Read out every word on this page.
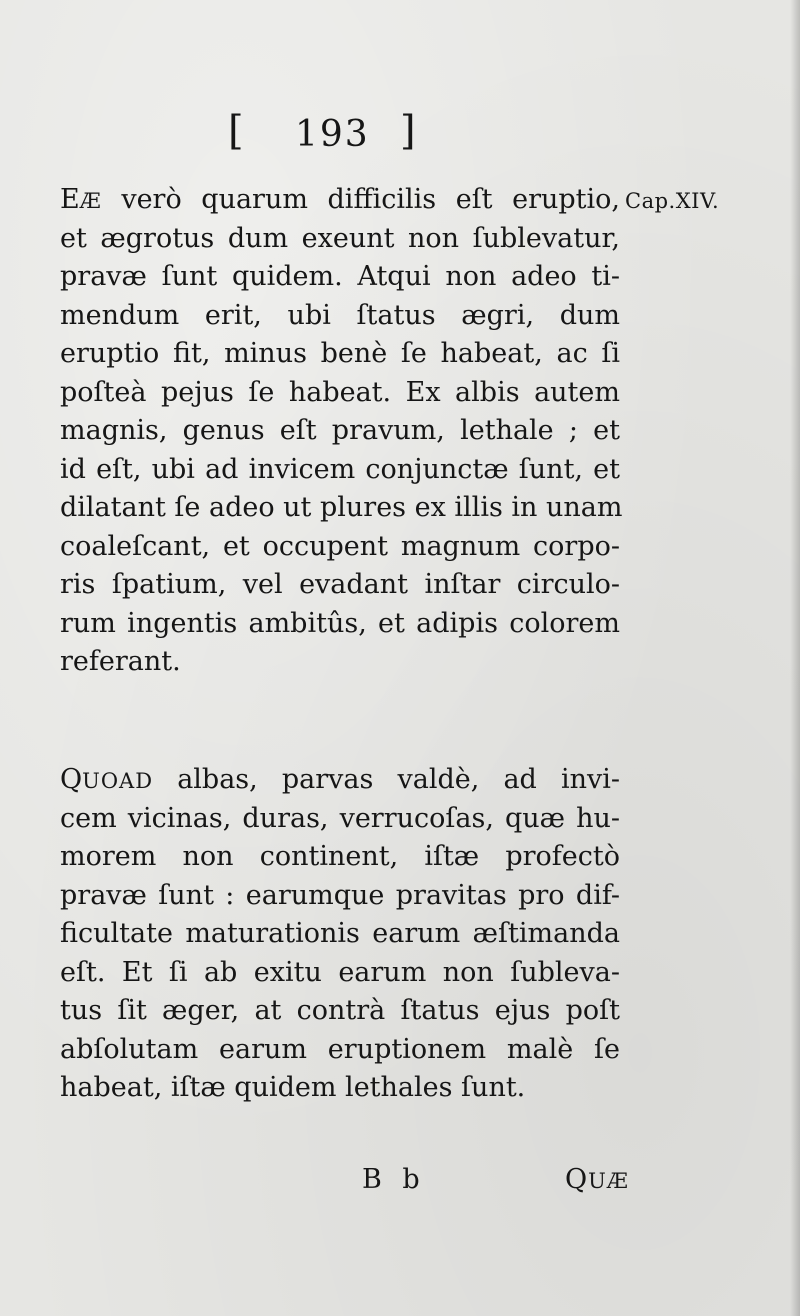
[ 193 ]
Cap.XIV.
EÆ verò quarum difficilis eſt eruptio,
et ægrotus dum exeunt non ſublevatur,
pravæ ſunt quidem. Atqui non adeo ti-
mendum erit, ubi ſtatus ægri, dum
eruptio fit, minus benè ſe habeat, ac ſi
poſteà pejus ſe habeat. Ex albis autem
magnis, genus eſt pravum, lethale ; et
id eſt, ubi ad invicem conjunctæ ſunt, et
dilatant ſe adeo ut plures ex illis in unam
coaleſcant, et occupent magnum corpo-
ris ſpatium, vel evadant inſtar circulo-
rum ingentis ambitûs, et adipis colorem
referant.
QUOAD albas, parvas valdè, ad invi-
cem vicinas, duras, verrucoſas, quæ hu-
morem non continent, iſtæ profectò
pravæ ſunt : earumque pravitas pro dif-
ficultate maturationis earum æſtimanda
eſt. Et ſi ab exitu earum non ſubleva-
tus ſit æger, at contrà ſtatus ejus poſt
abſolutam earum eruptionem malè ſe
habeat, iſtæ quidem lethales ſunt.
B b	QUÆ
